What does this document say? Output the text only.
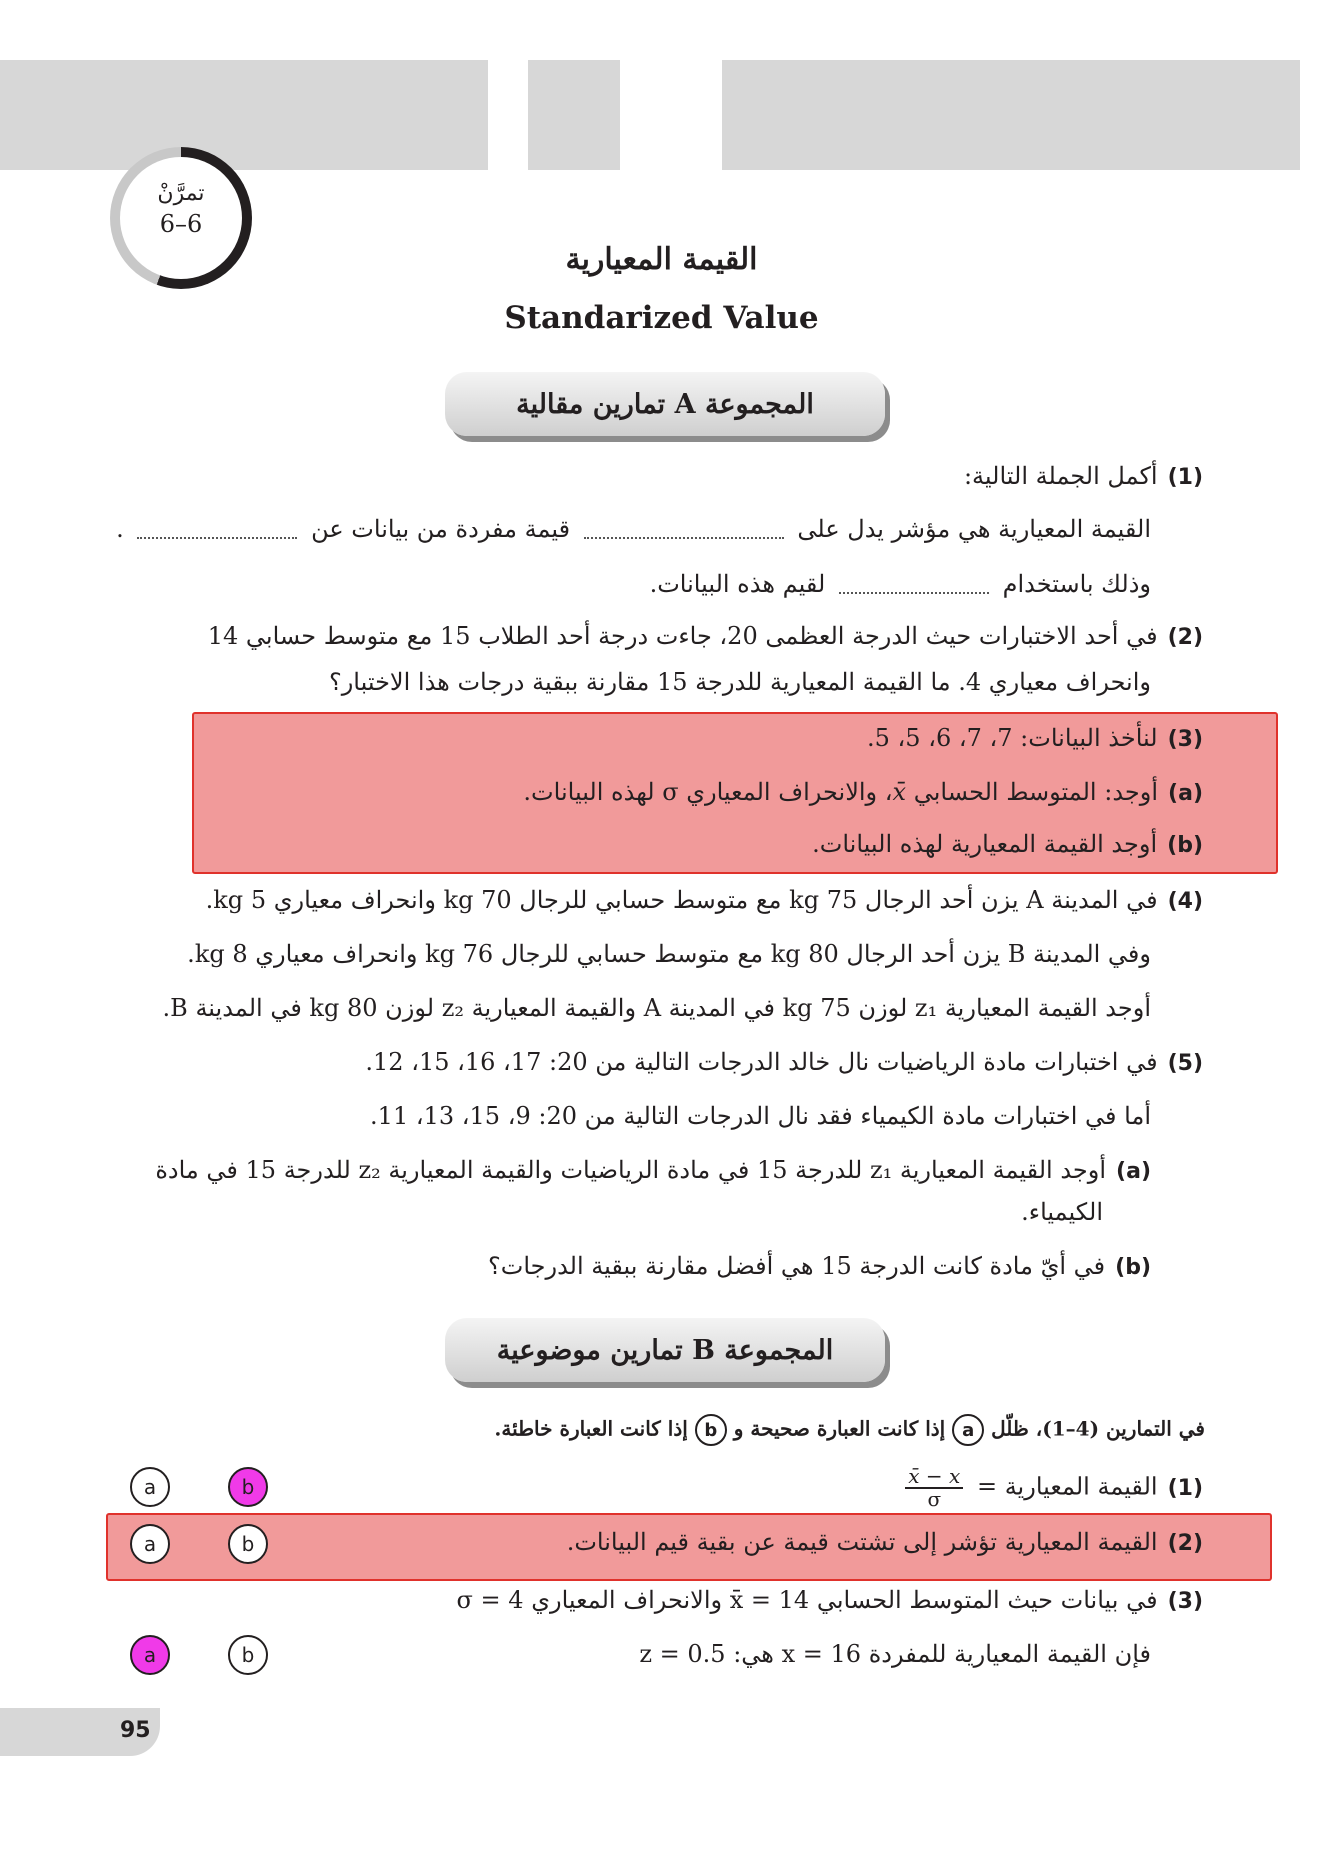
تمرَّنْ
6–6
القيمة المعيارية
Standarized Value
المجموعة A تمارين مقالية
(1)أكمل الجملة التالية:
القيمة المعيارية هي مؤشر يدل على  قيمة مفردة من بيانات عن  .
وذلك باستخدام  لقيم هذه البيانات.
(2)في أحد الاختبارات حيث الدرجة العظمى 20، جاءت درجة أحد الطلاب 15 مع متوسط حسابي 14
وانحراف معياري 4. ما القيمة المعيارية للدرجة 15 مقارنة ببقية درجات هذا الاختبار؟
(3)لنأخذ البيانات: 7، 7، 6، 5، 5.
(a)أوجد: المتوسط الحسابي x̄، والانحراف المعياري σ لهذه البيانات.
(b)أوجد القيمة المعيارية لهذه البيانات.
(4)في المدينة A يزن أحد الرجال 75 kg مع متوسط حسابي للرجال 70 kg وانحراف معياري 5 kg.
وفي المدينة B يزن أحد الرجال 80 kg مع متوسط حسابي للرجال 76 kg وانحراف معياري 8 kg.
أوجد القيمة المعيارية z₁ لوزن 75 kg في المدينة A والقيمة المعيارية z₂ لوزن 80 kg في المدينة B.
(5)في اختبارات مادة الرياضيات نال خالد الدرجات التالية من 20: 17، 16، 15، 12.
أما في اختبارات مادة الكيمياء فقد نال الدرجات التالية من 20: 9، 15، 13، 11.
(a)أوجد القيمة المعيارية z₁ للدرجة 15 في مادة الرياضيات والقيمة المعيارية z₂ للدرجة 15 في مادة
الكيمياء.
(b)في أيّ مادة كانت الدرجة 15 هي أفضل مقارنة ببقية الدرجات؟
المجموعة B تمارين موضوعية
في التمارين (4–1)، ظلّل a إذا كانت العبارة صحيحة و b إذا كانت العبارة خاطئة.
(1)القيمة المعيارية =
$\frac{x̄ - x}{\sigma}$
a	b
(2)القيمة المعيارية تؤشر إلى تشتت قيمة عن بقية قيم البيانات.
a	b
(3)في بيانات حيث المتوسط الحسابي 14 = x̄ والانحراف المعياري 4 = σ
فإن القيمة المعيارية للمفردة 16 = x هي: z = 0.5
a	b
95
